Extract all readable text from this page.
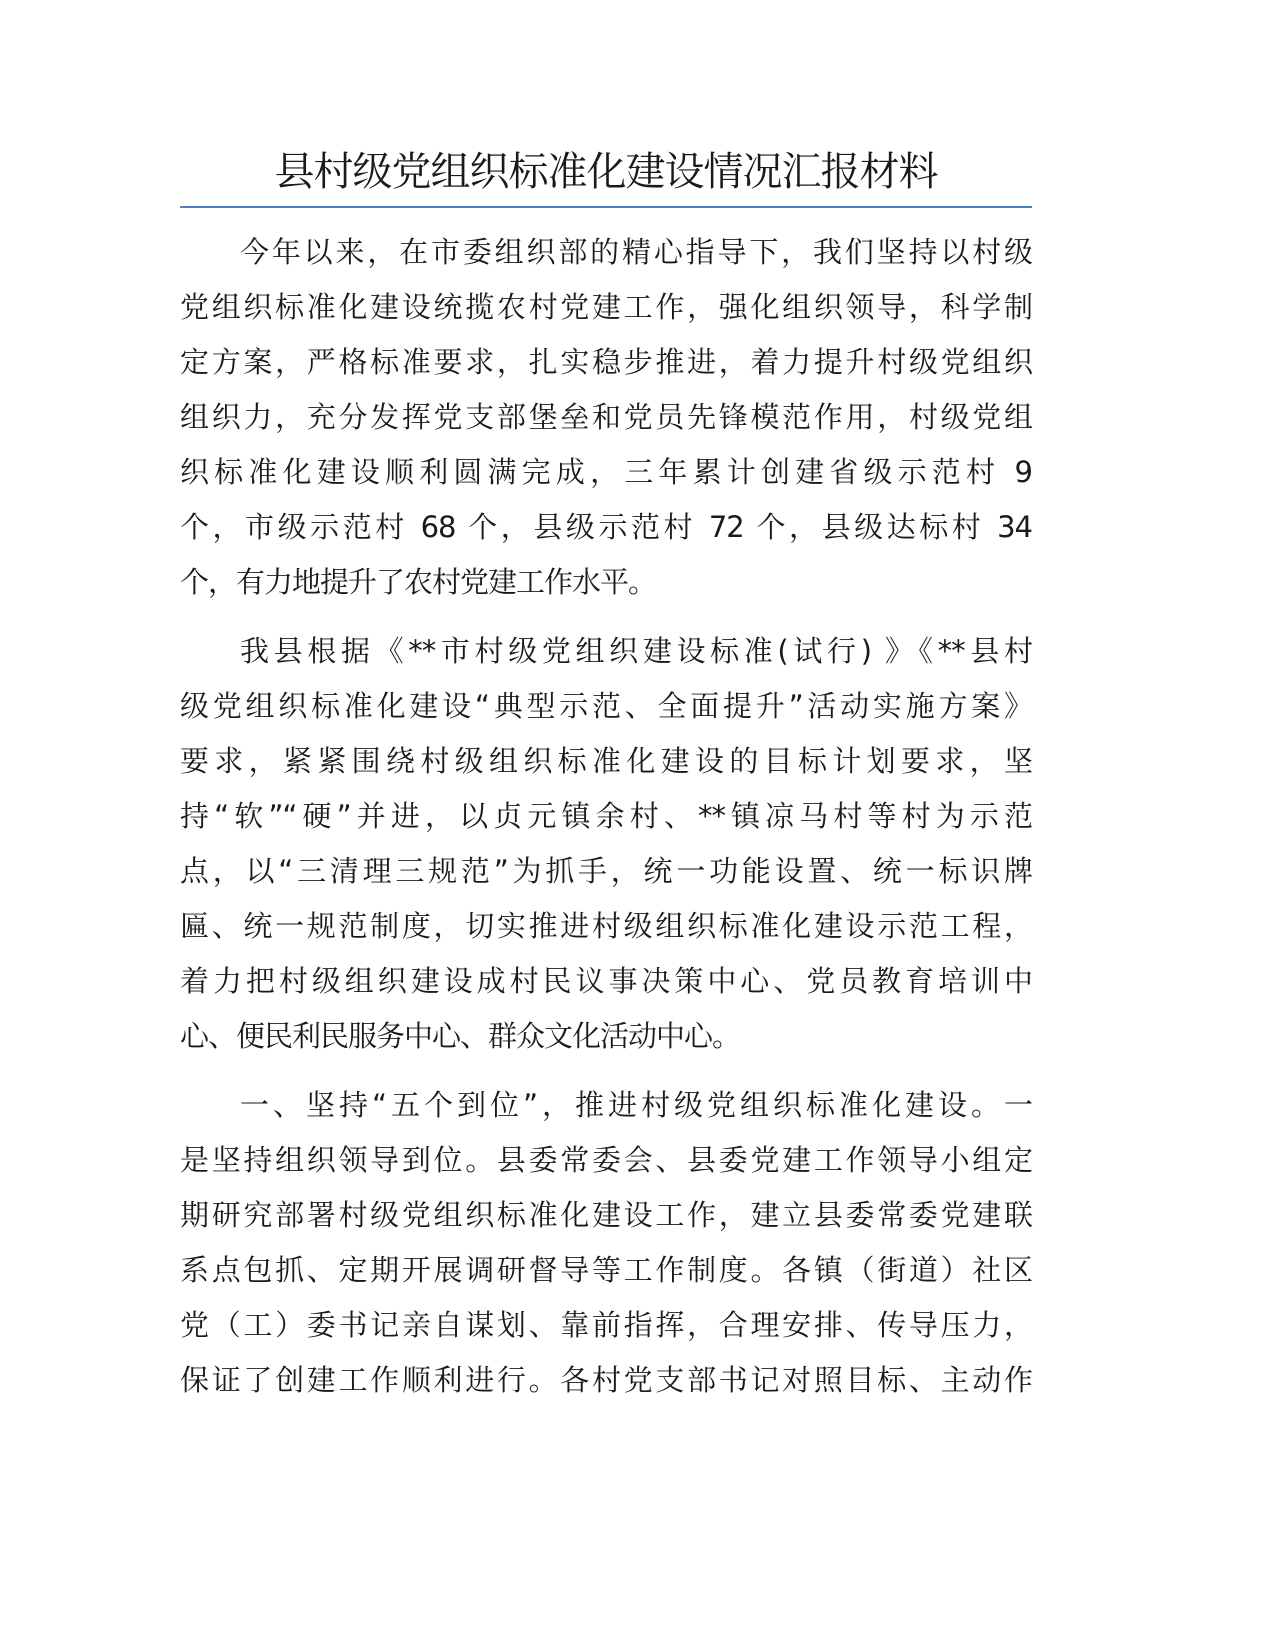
县村级党组织标准化建设情况汇报材料
今年以来，在市委组织部的精心指导下，我们坚持以村级
党组织标准化建设统揽农村党建工作，强化组织领导，科学制
定方案，严格标准要求，扎实稳步推进，着力提升村级党组织
组织力，充分发挥党支部堡垒和党员先锋模范作用，村级党组
织标准化建设顺利圆满完成，三年累计创建省级示范村 9
个，市级示范村 68 个，县级示范村 72 个，县级达标村 34
个，有力地提升了农村党建工作水平。
我县根据《**市村级党组织建设标准(试行) 》《**县村
级党组织标准化建设“典型示范、全面提升”活动实施方案》
要求，紧紧围绕村级组织标准化建设的目标计划要求，坚
持“软”“硬”并进，以贞元镇余村、**镇凉马村等村为示范
点，以“三清理三规范”为抓手，统一功能设置、统一标识牌
匾、统一规范制度，切实推进村级组织标准化建设示范工程，
着力把村级组织建设成村民议事决策中心、党员教育培训中
心、便民利民服务中心、群众文化活动中心。
一、坚持“五个到位”，推进村级党组织标准化建设。一
是坚持组织领导到位。县委常委会、县委党建工作领导小组定
期研究部署村级党组织标准化建设工作，建立县委常委党建联
系点包抓、定期开展调研督导等工作制度。各镇（街道）社区
党（工）委书记亲自谋划、靠前指挥，合理安排、传导压力，
保证了创建工作顺利进行。各村党支部书记对照目标、主动作
